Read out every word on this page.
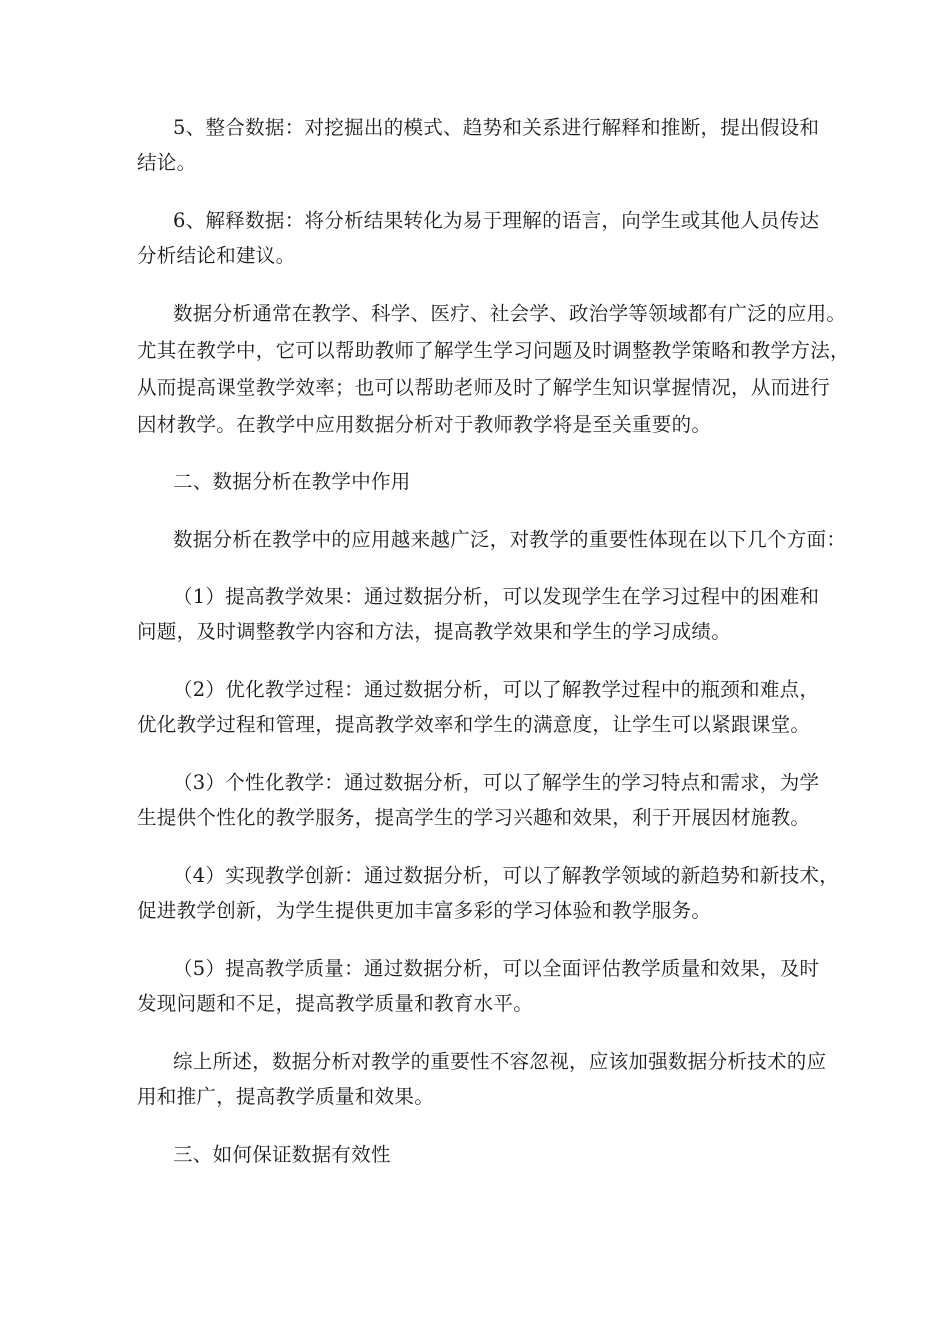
5、整合数据：对挖掘出的模式、趋势和关系进行解释和推断，提出假设和
结论。
6、解释数据：将分析结果转化为易于理解的语言，向学生或其他人员传达
分析结论和建议。
数据分析通常在教学、科学、医疗、社会学、政治学等领域都有广泛的应用。
尤其在教学中，它可以帮助教师了解学生学习问题及时调整教学策略和教学方法，
从而提高课堂教学效率；也可以帮助老师及时了解学生知识掌握情况，从而进行
因材教学。在教学中应用数据分析对于教师教学将是至关重要的。
二、数据分析在教学中作用
数据分析在教学中的应用越来越广泛，对教学的重要性体现在以下几个方面：
（1）提高教学效果：通过数据分析，可以发现学生在学习过程中的困难和
问题，及时调整教学内容和方法，提高教学效果和学生的学习成绩。
（2）优化教学过程：通过数据分析，可以了解教学过程中的瓶颈和难点，
优化教学过程和管理，提高教学效率和学生的满意度，让学生可以紧跟课堂。
（3）个性化教学：通过数据分析，可以了解学生的学习特点和需求，为学
生提供个性化的教学服务，提高学生的学习兴趣和效果，利于开展因材施教。
（4）实现教学创新：通过数据分析，可以了解教学领域的新趋势和新技术，
促进教学创新，为学生提供更加丰富多彩的学习体验和教学服务。
（5）提高教学质量：通过数据分析，可以全面评估教学质量和效果，及时
发现问题和不足，提高教学质量和教育水平。
综上所述，数据分析对教学的重要性不容忽视，应该加强数据分析技术的应
用和推广，提高教学质量和效果。
三、如何保证数据有效性
